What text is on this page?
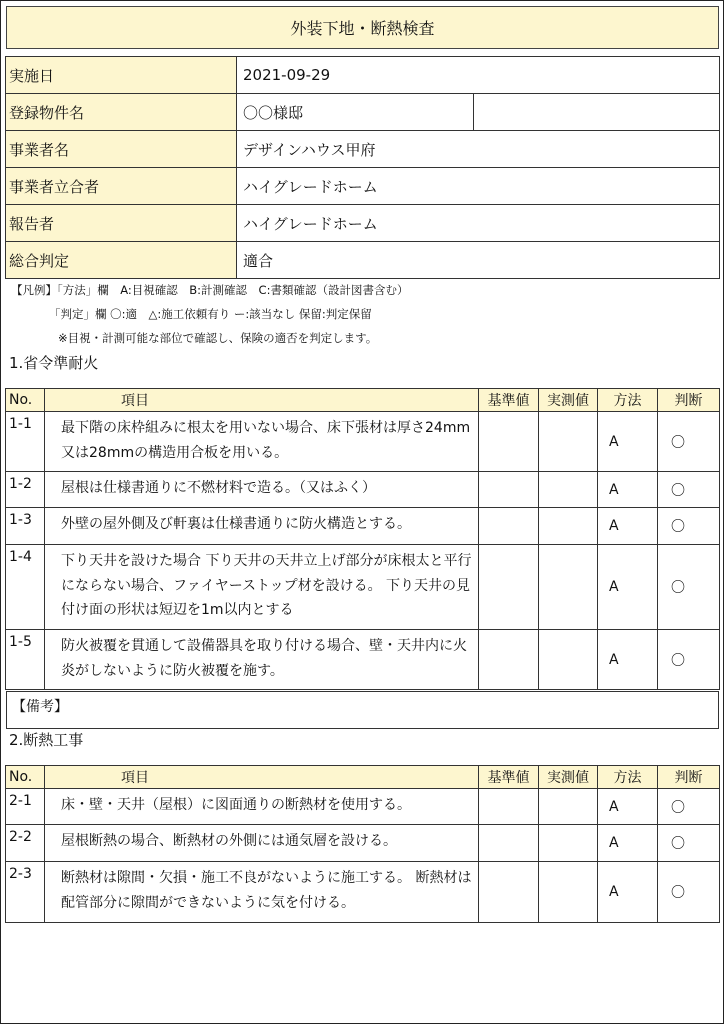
外装下地・断熱検査
実施日	2021-09-29	
登録物件名	〇〇様邸	
事業者名	デザインハウス甲府	
事業者立合者	ハイグレードホーム	
報告者	ハイグレードホーム	
総合判定	適合	
【凡例】「方法」欄　A:目視確認　B:計測確認　C:書類確認（設計図書含む）
「判定」欄 〇:適　△:施工依頼有り ー:該当なし 保留:判定保留
※目視・計測可能な部位で確認し、保険の適否を判定します。
1.省令準耐火
No.	項目	基準値	実測値	方法	判断
1-1	最下階の床枠組みに根太を用いない場合、床下張材は厚さ24mm又は28mmの構造用合板を用いる。			A	〇
1-2	屋根は仕様書通りに不燃材料で造る。（又はふく）			A	〇
1-3	外壁の屋外側及び軒裏は仕様書通りに防火構造とする。			A	〇
1-4	下り天井を設けた場合 下り天井の天井立上げ部分が床根太と平行にならない場合、ファイヤーストップ材を設ける。 下り天井の見付け面の形状は短辺を1m以内とする			A	〇
1-5	防火被覆を貫通して設備器具を取り付ける場合、壁・天井内に火炎がしないように防火被覆を施す。			A	〇
【備考】
2.断熱工事
No.	項目	基準値	実測値	方法	判断
2-1	床・壁・天井（屋根）に図面通りの断熱材を使用する。			A	〇
2-2	屋根断熱の場合、断熱材の外側には通気層を設ける。			A	〇
2-3	断熱材は隙間・欠損・施工不良がないように施工する。 断熱材は配管部分に隙間ができないように気を付ける。			A	〇
